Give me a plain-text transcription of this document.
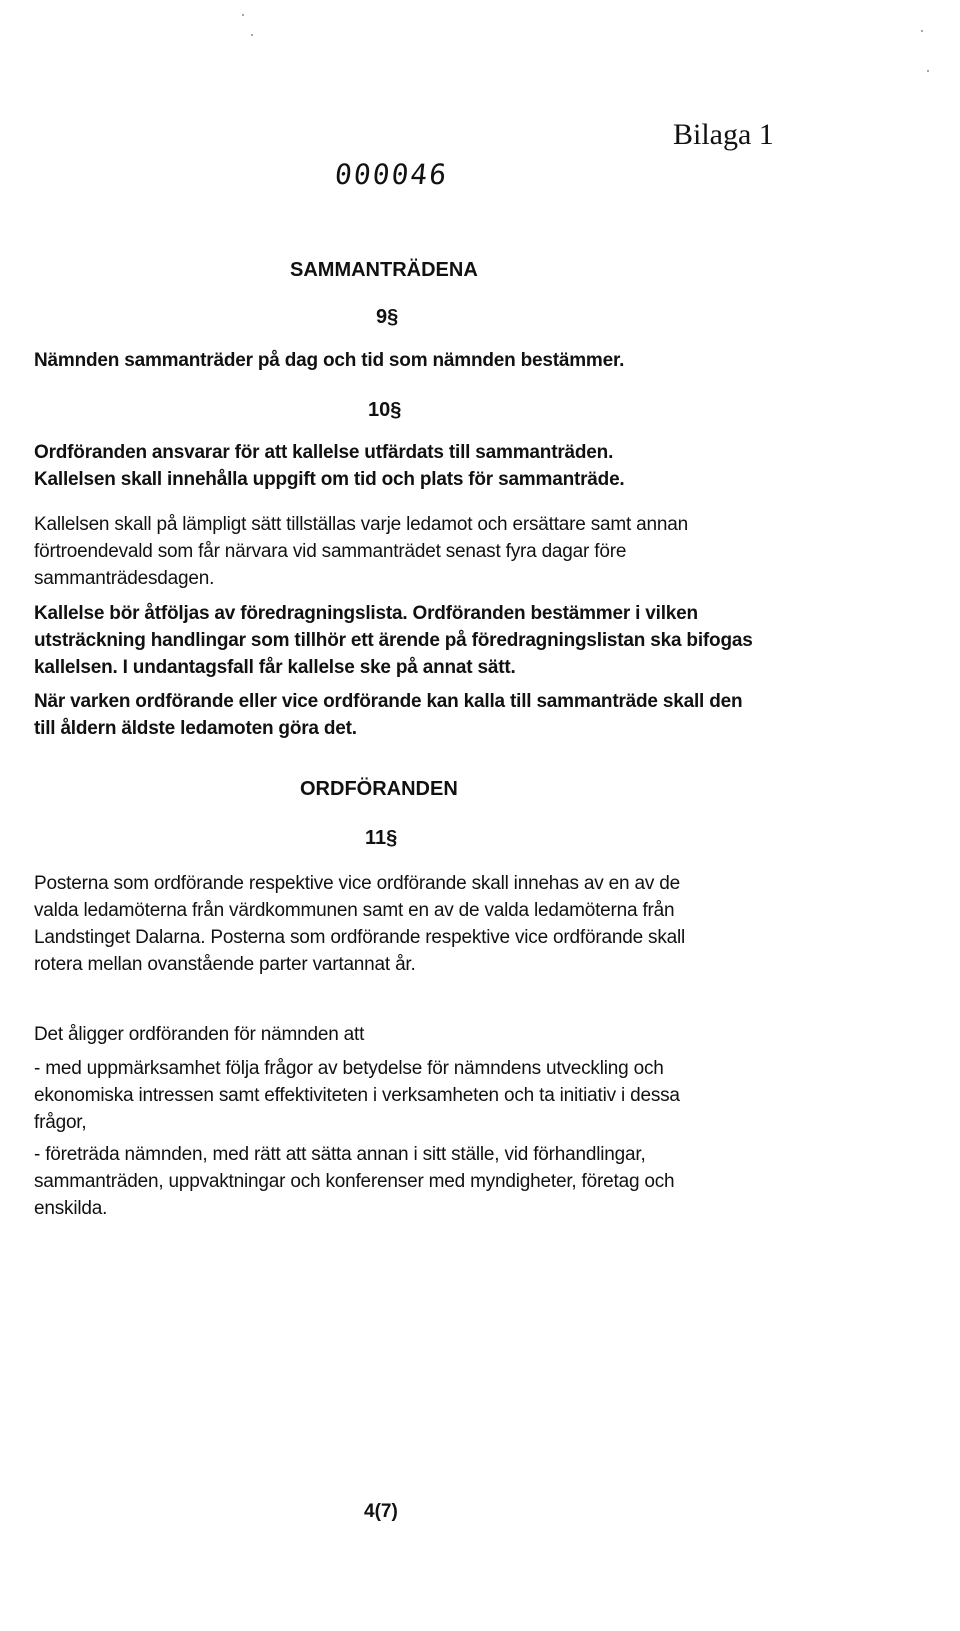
Bilaga 1
000046
SAMMANTRÄDENA
9§

Nämnden sammanträder på dag och tid som nämnden bestämmer.

10§

Ordföranden ansvarar för att kallelse utfärdats till sammanträden.

Kallelsen skall innehålla uppgift om tid och plats för sammanträde.

Kallelsen skall på lämpligt sätt tillställas varje ledamot och ersättare samt annan

förtroendevald som får närvara vid sammanträdet senast fyra dagar före

sammanträdesdagen.

Kallelse bör åtföljas av föredragningslista. Ordföranden bestämmer i vilken

utsträckning handlingar som tillhör ett ärende på föredragningslistan ska bifogas

kallelsen. I undantagsfall får kallelse ske på annat sätt.

När varken ordförande eller vice ordförande kan kalla till sammanträde skall den

till åldern äldste ledamoten göra det.

ORDFÖRANDEN
11§

Posterna som ordförande respektive vice ordförande skall innehas av en av de

valda ledamöterna från värdkommunen samt en av de valda ledamöterna från

Landstinget Dalarna. Posterna som ordförande respektive vice ordförande skall

rotera mellan ovanstående parter vartannat år.

Det åligger ordföranden för nämnden att

- med uppmärksamhet följa frågor av betydelse för nämndens utveckling och

ekonomiska intressen samt effektiviteten i verksamheten och ta initiativ i dessa

frågor,

- företräda nämnden, med rätt att sätta annan i sitt ställe, vid förhandlingar,

sammanträden, uppvaktningar och konferenser med myndigheter, företag och

enskilda.

4(7)
